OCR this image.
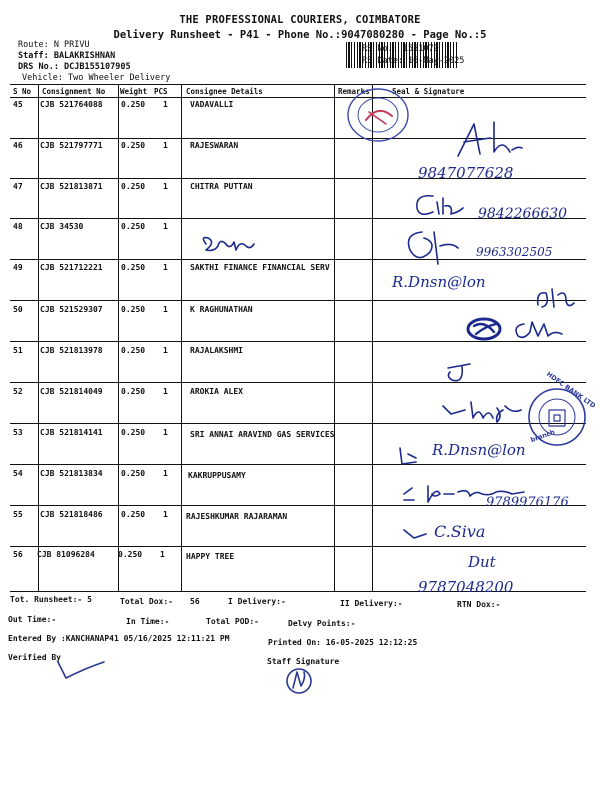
THE PROFESSIONAL COURIERS, COIMBATORE
Delivery Runsheet - P41 - Phone No.:9047080280 - Page No.:5
Route: N PRIVU
Staff: BALAKRISHNAN
DRS No.: DCJB155107905
Vehicle: Two Wheeler Delivery
RS No.: 1551079
RS Date: 16-May-2025
S No Consignment No Weight PCS Consignee Details	Remarks	Seal & Signature
45 CJB 521764088 0.250 1	VADAVALLI
46 CJB 521797771 0.250 1	RAJESWARAN
47 CJB 521813871 0.250 1	CHITRA PUTTAN
48 CJB 34530	0.250 1
49 CJB 521712221 0.250 1	SAKTHI FINANCE FINANCIAL SERV
50 CJB 521529307 0.250 1	K RAGHUNATHAN
51 CJB 521813978 0.250 1	RAJALAKSHMI
52 CJB 521814049 0.250 1	AROKIA ALEX
53 CJB 521814141 0.250 1	SRI ANNAI ARAVIND GAS SERVICES
54 CJB 521813834 0.250 1	KAKRUPPUSAMY
55 CJB 521818486 0.250 1 RAJESHKUMAR RAJARAMAN
56 CJB 81096284	0.250 1	HAPPY TREE
9847077628
9842266630
9963302505
R.Dnsn@lon
HDFC BANK LTD
branch
R.Dnsn@lon
9789976176
C.Siva
Dut
9787048200
Tot. Runsheet:- 5	Total Dox:- 56	I Delivery:-	II Delivery:-	RTN Dox:-
Out Time:-	In Time:-	Total POD:-	Delvy Points:-
Entered By :KANCHANAP41 05/16/2025 12:11:21 PM	Printed On: 16-05-2025 12:12:25
Verified By	Staff Signature
